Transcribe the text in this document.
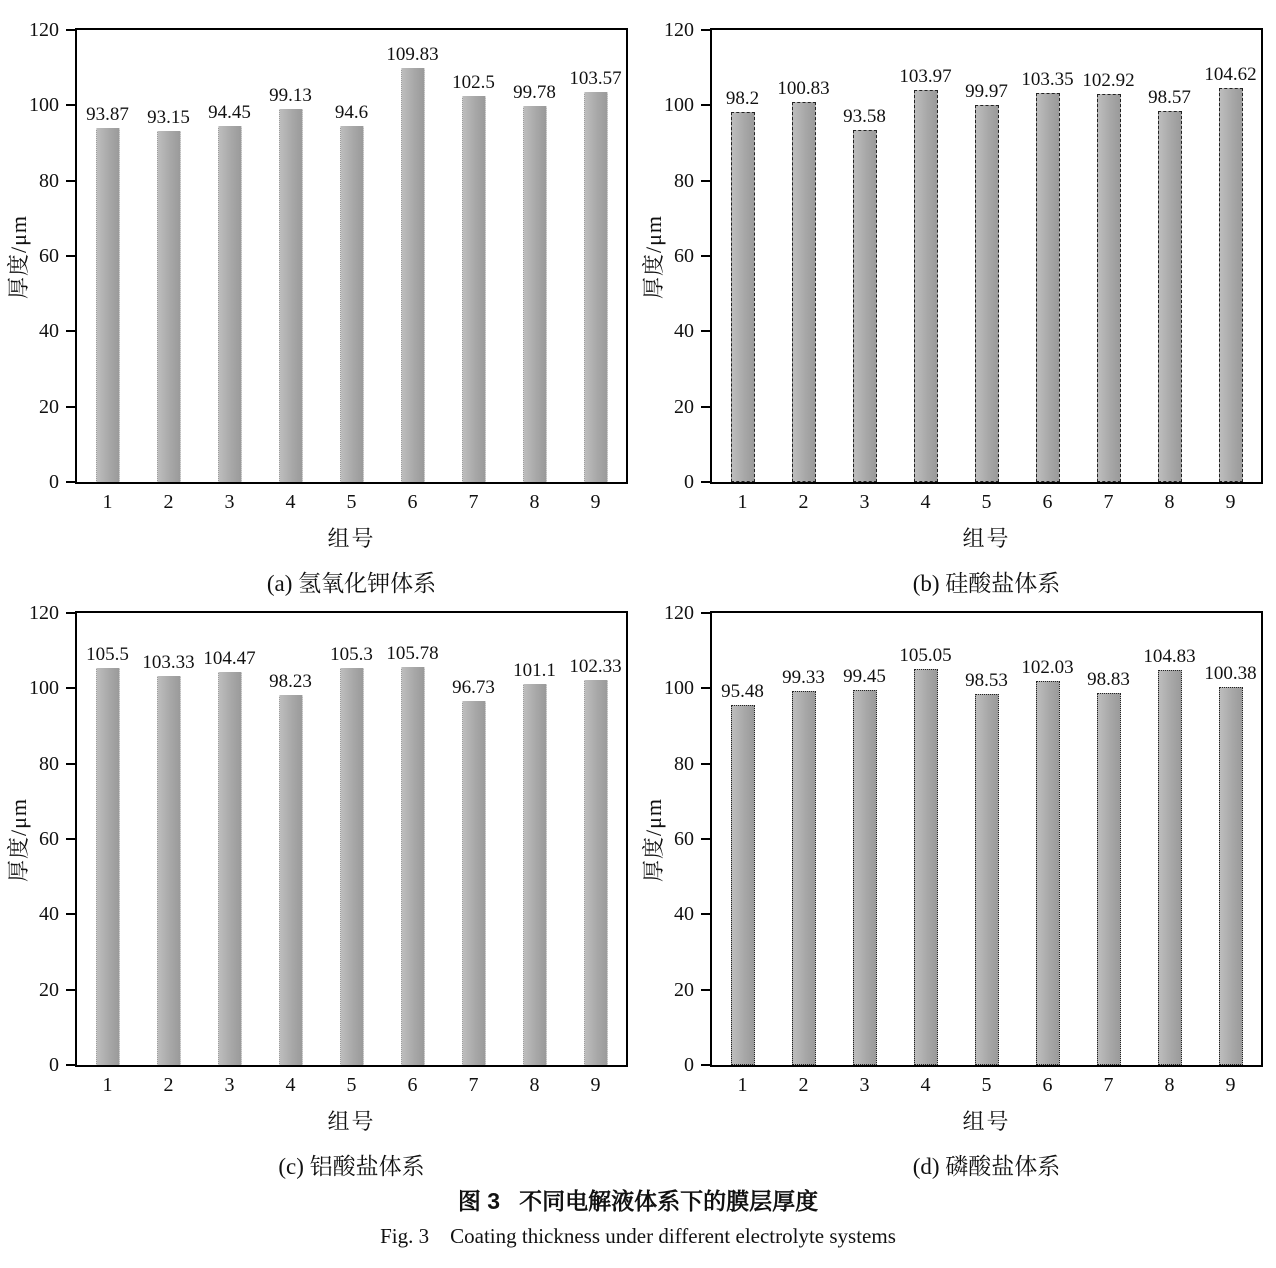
0
20
40
60
80
100
120
厚度/μm
93.87 93.15 94.45
99.13
94.6
109.83
102.5 99.78
103.57
1	2	3	4	5	6	7	8	9
组号
(a) 氢氧化钾体系
0
20
40
60
80
100
120
厚度/μm
98.2 100.83
93.58
103.97
99.97
103.35 102.92
98.57
104.62
1	2	3	4	5	6	7	8	9
组号
(b) 硅酸盐体系
0
20
40
60
80
100
120
厚度/μm
105.5 103.33 104.47
98.23
105.3 105.78
96.73
101.1 102.33
1	2	3	4	5	6	7	8	9
组号
(c) 铝酸盐体系
0
20
40
60
80
100
120
厚度/μm
95.48
99.33 99.45
105.05
98.53
102.03
98.83
104.83
100.38
1	2	3	4	5	6	7	8	9
组号
(d) 磷酸盐体系
图 3   不同电解液体系下的膜层厚度
Fig. 3    Coating thickness under different electrolyte systems
